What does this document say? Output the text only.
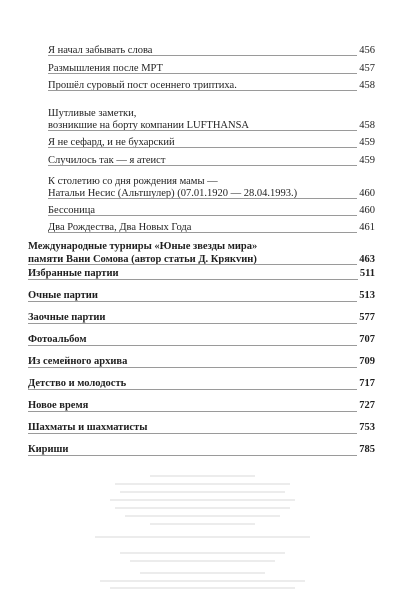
Я начал забывать слова	456
Размышления после МРТ	457
Прошёл суровый пост осеннего триптиха.	458
Шутливые заметки,
возникшие на борту компании LUFTHANSA	458
Я не сефард, и не бухарский	459
Случилось так — я атеист	459
К столетию со дня рождения мамы —
Натальи Несис (Альтшулер) (07.01.1920 — 28.04.1993.)	460
Бессоница	460
Два Рождества, Два Новых Года	461
Международные турниры «Юные звезды мира»
памяти Вани Сомова (автор статьи Д. Крякvин)	463
Избранные партии	511
Очные партии	513
Заочные партии	577
Фотоальбом	707
Из семейного архива	709
Детство и молодость	717
Новое время	727
Шахматы и шахматисты	753
Кириши	785
